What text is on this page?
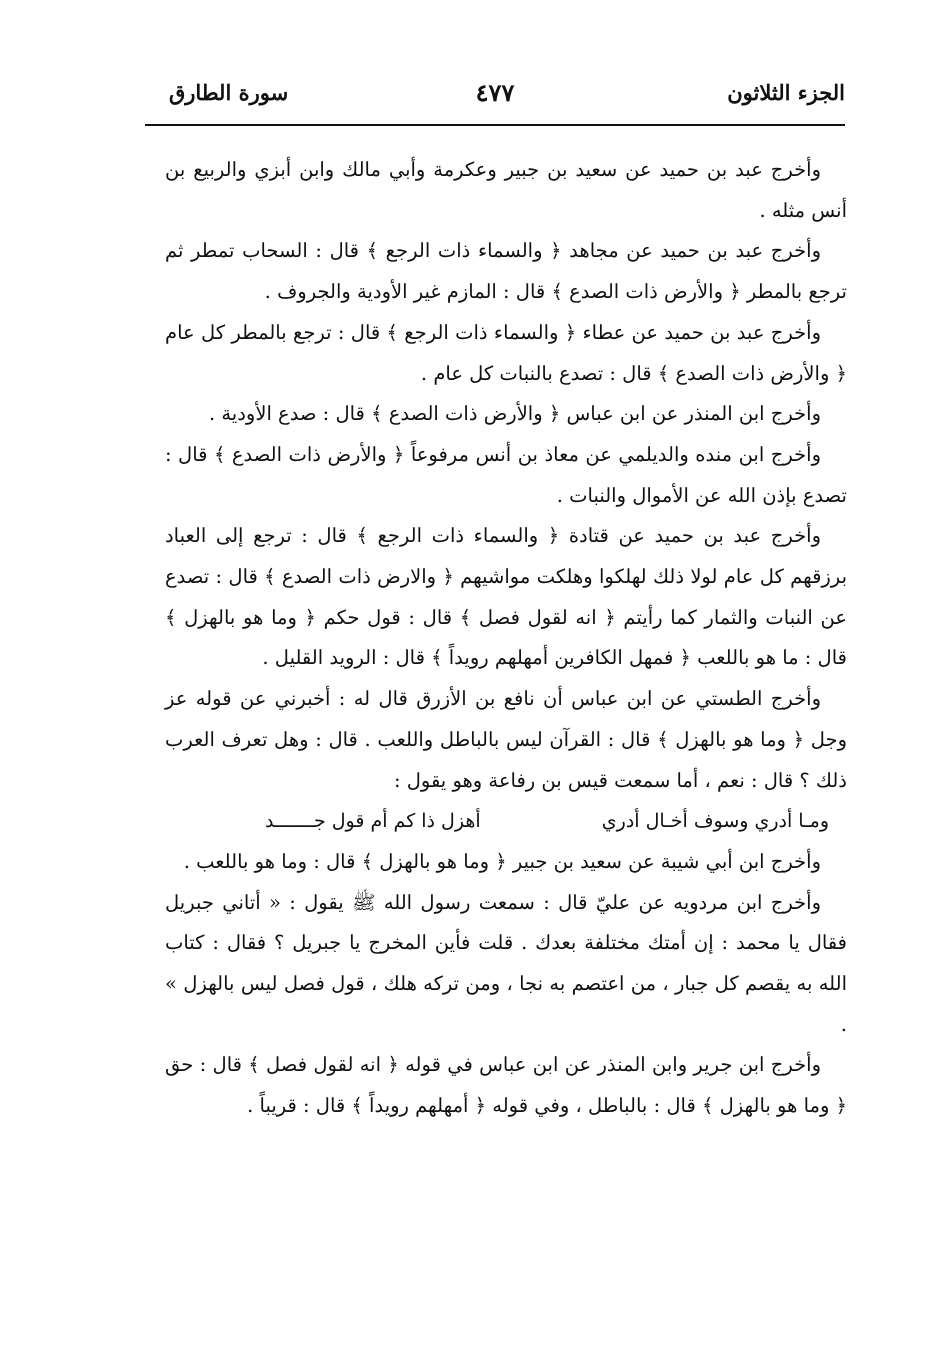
الجزء الثلاثون
٤٧٧
سورة الطارق

وأخرج عبد بن حميد عن سعيد بن جبير وعكرمة وأبي مالك وابن أبزي والربيع بن أنس مثله .

وأخرج عبد بن حميد عن مجاهد ﴿ والسماء ذات الرجع ﴾ قال : السحاب تمطر ثم ترجع بالمطر ﴿ والأرض ذات الصدع ﴾ قال : المازم غير الأودية والجروف .

وأخرج عبد بن حميد عن عطاء ﴿ والسماء ذات الرجع ﴾ قال : ترجع بالمطر كل عام ﴿ والأرض ذات الصدع ﴾ قال : تصدع بالنبات كل عام .

وأخرج ابن المنذر عن ابن عباس ﴿ والأرض ذات الصدع ﴾ قال : صدع الأودية .

وأخرج ابن منده والديلمي عن معاذ بن أنس مرفوعاً ﴿ والأرض ذات الصدع ﴾ قال : تصدع بإذن الله عن الأموال والنبات .

وأخرج عبد بن حميد عن قتادة ﴿ والسماء ذات الرجع ﴾ قال : ترجع إلى العباد برزقهم كل عام لولا ذلك لهلكوا وهلكت مواشيهم ﴿ والارض ذات الصدع ﴾ قال : تصدع عن النبات والثمار كما رأيتم ﴿ انه لقول فصل ﴾ قال : قول حكم ﴿ وما هو بالهزل ﴾ قال : ما هو باللعب ﴿ فمهل الكافرين أمهلهم رويداً ﴾ قال : الرويد القليل .

وأخرج الطستي عن ابن عباس أن نافع بن الأزرق قال له : أخبرني عن قوله عز وجل ﴿ وما هو بالهزل ﴾ قال : القرآن ليس بالباطل واللعب . قال : وهل تعرف العرب ذلك ؟ قال : نعم ، أما سمعت قيس بن رفاعة وهو يقول :

ومـا أدري وسوف أخـال أدري
أهزل ذا كم أم قول جـــــــد

وأخرج ابن أبي شيبة عن سعيد بن جبير ﴿ وما هو بالهزل ﴾ قال : وما هو باللعب .

وأخرج ابن مردويه عن عليّ قال : سمعت رسول الله ﷺ يقول : « أتاني جبريل فقال يا محمد : إن أمتك مختلفة بعدك . قلت فأين المخرج يا جبريل ؟ فقال : كتاب الله به يقصم كل جبار ، من اعتصم به نجا ، ومن تركه هلك ، قول فصل ليس بالهزل » .

وأخرج ابن جرير وابن المنذر عن ابن عباس في قوله ﴿ انه لقول فصل ﴾ قال : حق ﴿ وما هو بالهزل ﴾ قال : بالباطل ، وفي قوله ﴿ أمهلهم رويداً ﴾ قال : قريباً .
